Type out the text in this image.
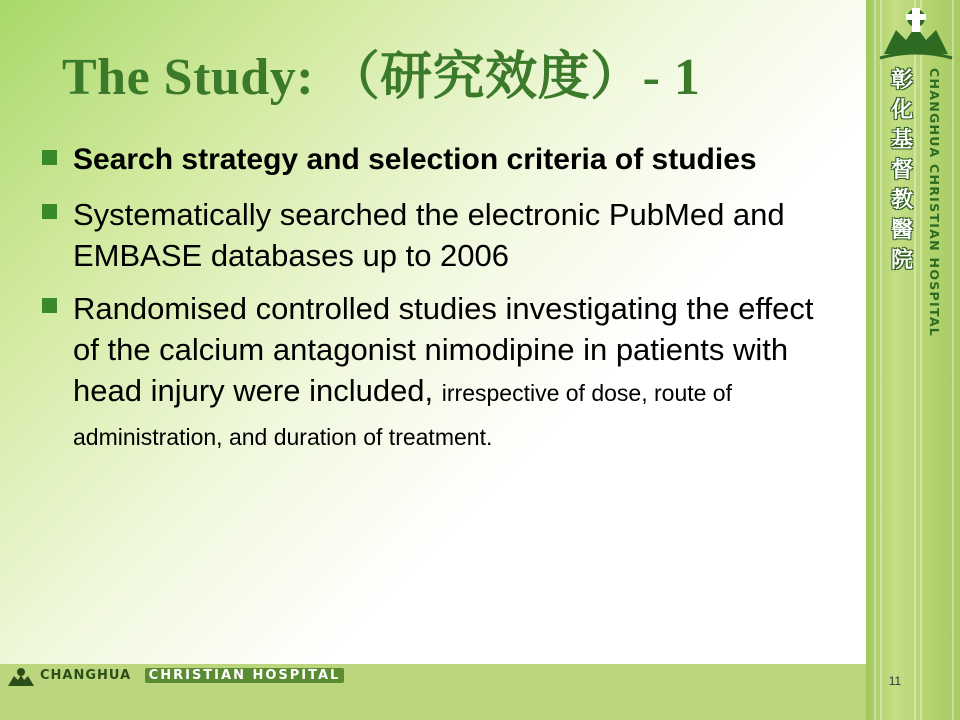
彰化基督教醫院	CHANGHUA CHRISTIAN HOSPITAL
The Study: （研究效度）- 1
Search strategy and selection criteria of studies
Systematically searched the electronic PubMed and EMBASE databases up to 2006
Randomised controlled studies investigating the effect of the calcium antagonist nimodipine in patients with head injury were included, irrespective of dose, route of administration, and duration of treatment.
CHANGHUA CHRISTIAN HOSPITAL	11
